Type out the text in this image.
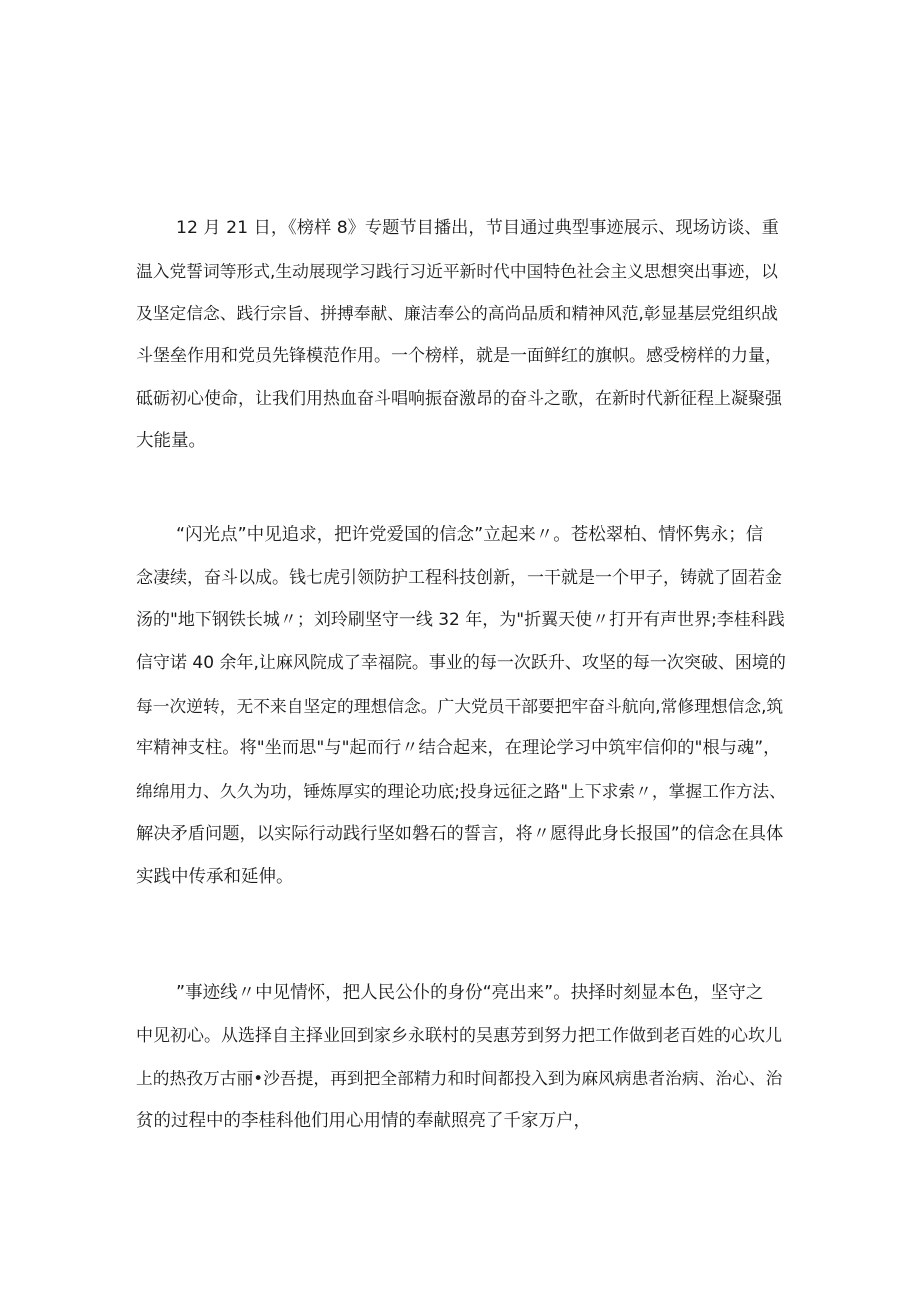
12 月 21 日，《榜样 8》专题节目播出，节目通过典型事迹展示、现场访谈、重
温入党誓词等形式,生动展现学习践行习近平新时代中国特色社会主义思想突出事迹，以
及坚定信念、践行宗旨、拼搏奉献、廉洁奉公的高尚品质和精神风范,彰显基层党组织战
斗堡垒作用和党员先锋模范作用。一个榜样，就是一面鲜红的旗帜。感受榜样的力量，
砥砺初心使命，让我们用热血奋斗唱响振奋激昂的奋斗之歌，在新时代新征程上凝聚强
大能量。
“闪光点”中见追求，把许党爱国的信念”立起来〃。苍松翠柏、情怀隽永；信
念凄续，奋斗以成。钱七虎引领防护工程科技创新，一干就是一个甲子，铸就了固若金
汤的"地下钢铁长城〃；刘玲刷坚守一线 32 年，为"折翼天使〃打开有声世界;李桂科践
信守诺 40 余年,让麻风院成了幸福院。事业的每一次跃升、攻坚的每一次突破、困境的
每一次逆转，无不来自坚定的理想信念。广大党员干部要把牢奋斗航向,常修理想信念,筑
牢精神支柱。将"坐而思"与"起而行〃结合起来，在理论学习中筑牢信仰的"根与魂”，
绵绵用力、久久为功，锤炼厚实的理论功底;投身远征之路"上下求索〃，掌握工作方法、
解决矛盾问题，以实际行动践行坚如磐石的誓言，将〃愿得此身长报国”的信念在具体
实践中传承和延伸。
”事迹线〃中见情怀，把人民公仆的身份“亮出来”。抉择时刻显本色，坚守之
中见初心。从选择自主择业回到家乡永联村的吴惠芳到努力把工作做到老百姓的心坎儿
上的热孜万古丽•沙吾提，再到把全部精力和时间都投入到为麻风病患者治病、治心、治
贫的过程中的李桂科他们用心用情的奉献照亮了千家万户，
